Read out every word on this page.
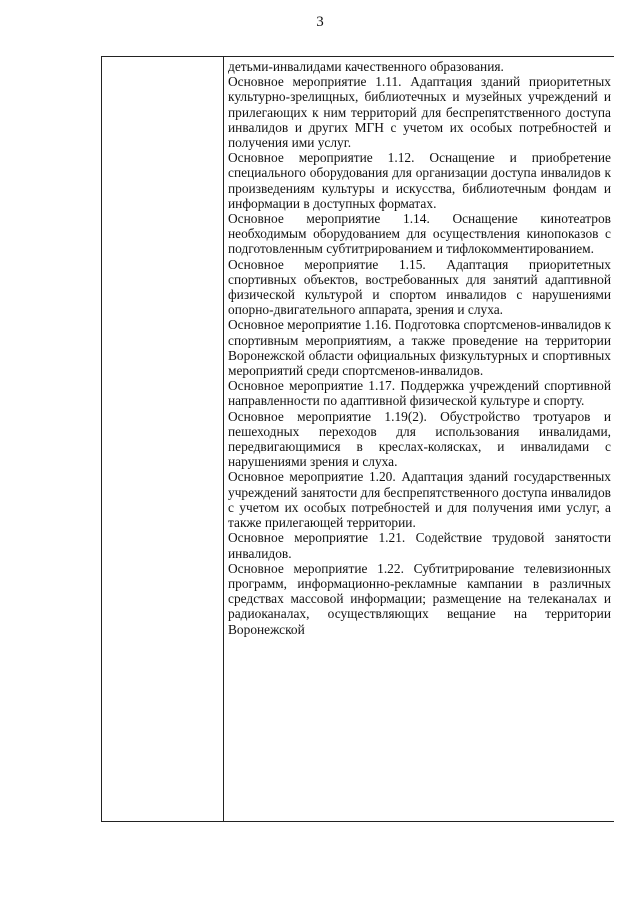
3

детьми-инвалидами качественного образования.

Основное мероприятие 1.11. Адаптация зданий приоритетных культурно-зрелищных, библиотечных и музейных учреждений и прилегающих к ним территорий для беспрепятственного доступа инвалидов и других МГН с учетом их особых потребностей и получения ими услуг.

Основное мероприятие 1.12. Оснащение и приобретение специального оборудования для организации доступа инвалидов к произведениям культуры и искусства, библиотечным фондам и информации в доступных форматах.

Основное мероприятие 1.14. Оснащение кинотеатров необходимым оборудованием для осуществления кинопоказов с подготовленным субтитрированием и тифлокомментированием.

Основное мероприятие 1.15. Адаптация приоритетных спортивных объектов, востребованных для занятий адаптивной физической культурой и спортом инвалидов с нарушениями опорно-двигательного аппарата, зрения и слуха.

Основное мероприятие 1.16. Подготовка спортсменов-инвалидов к спортивным мероприятиям, а также проведение на территории Воронежской области официальных физкультурных и спортивных мероприятий среди спортсменов-инвалидов.

Основное мероприятие 1.17. Поддержка учреждений спортивной направленности по адаптивной физической культуре и спорту.

Основное мероприятие 1.19(2). Обустройство тротуаров и пешеходных переходов для использования инвалидами, передвигающимися в креслах-колясках, и инвалидами с нарушениями зрения и слуха.

Основное мероприятие 1.20. Адаптация зданий государственных учреждений занятости для беспрепятственного доступа инвалидов с учетом их особых потребностей и для получения ими услуг, а также прилегающей территории.

Основное мероприятие 1.21. Содействие трудовой занятости инвалидов.

Основное мероприятие 1.22. Субтитрирование телевизионных программ, информационно-рекламные кампании в различных средствах массовой информации; размещение на телеканалах и радиоканалах, осуществляющих вещание на территории Воронежской
